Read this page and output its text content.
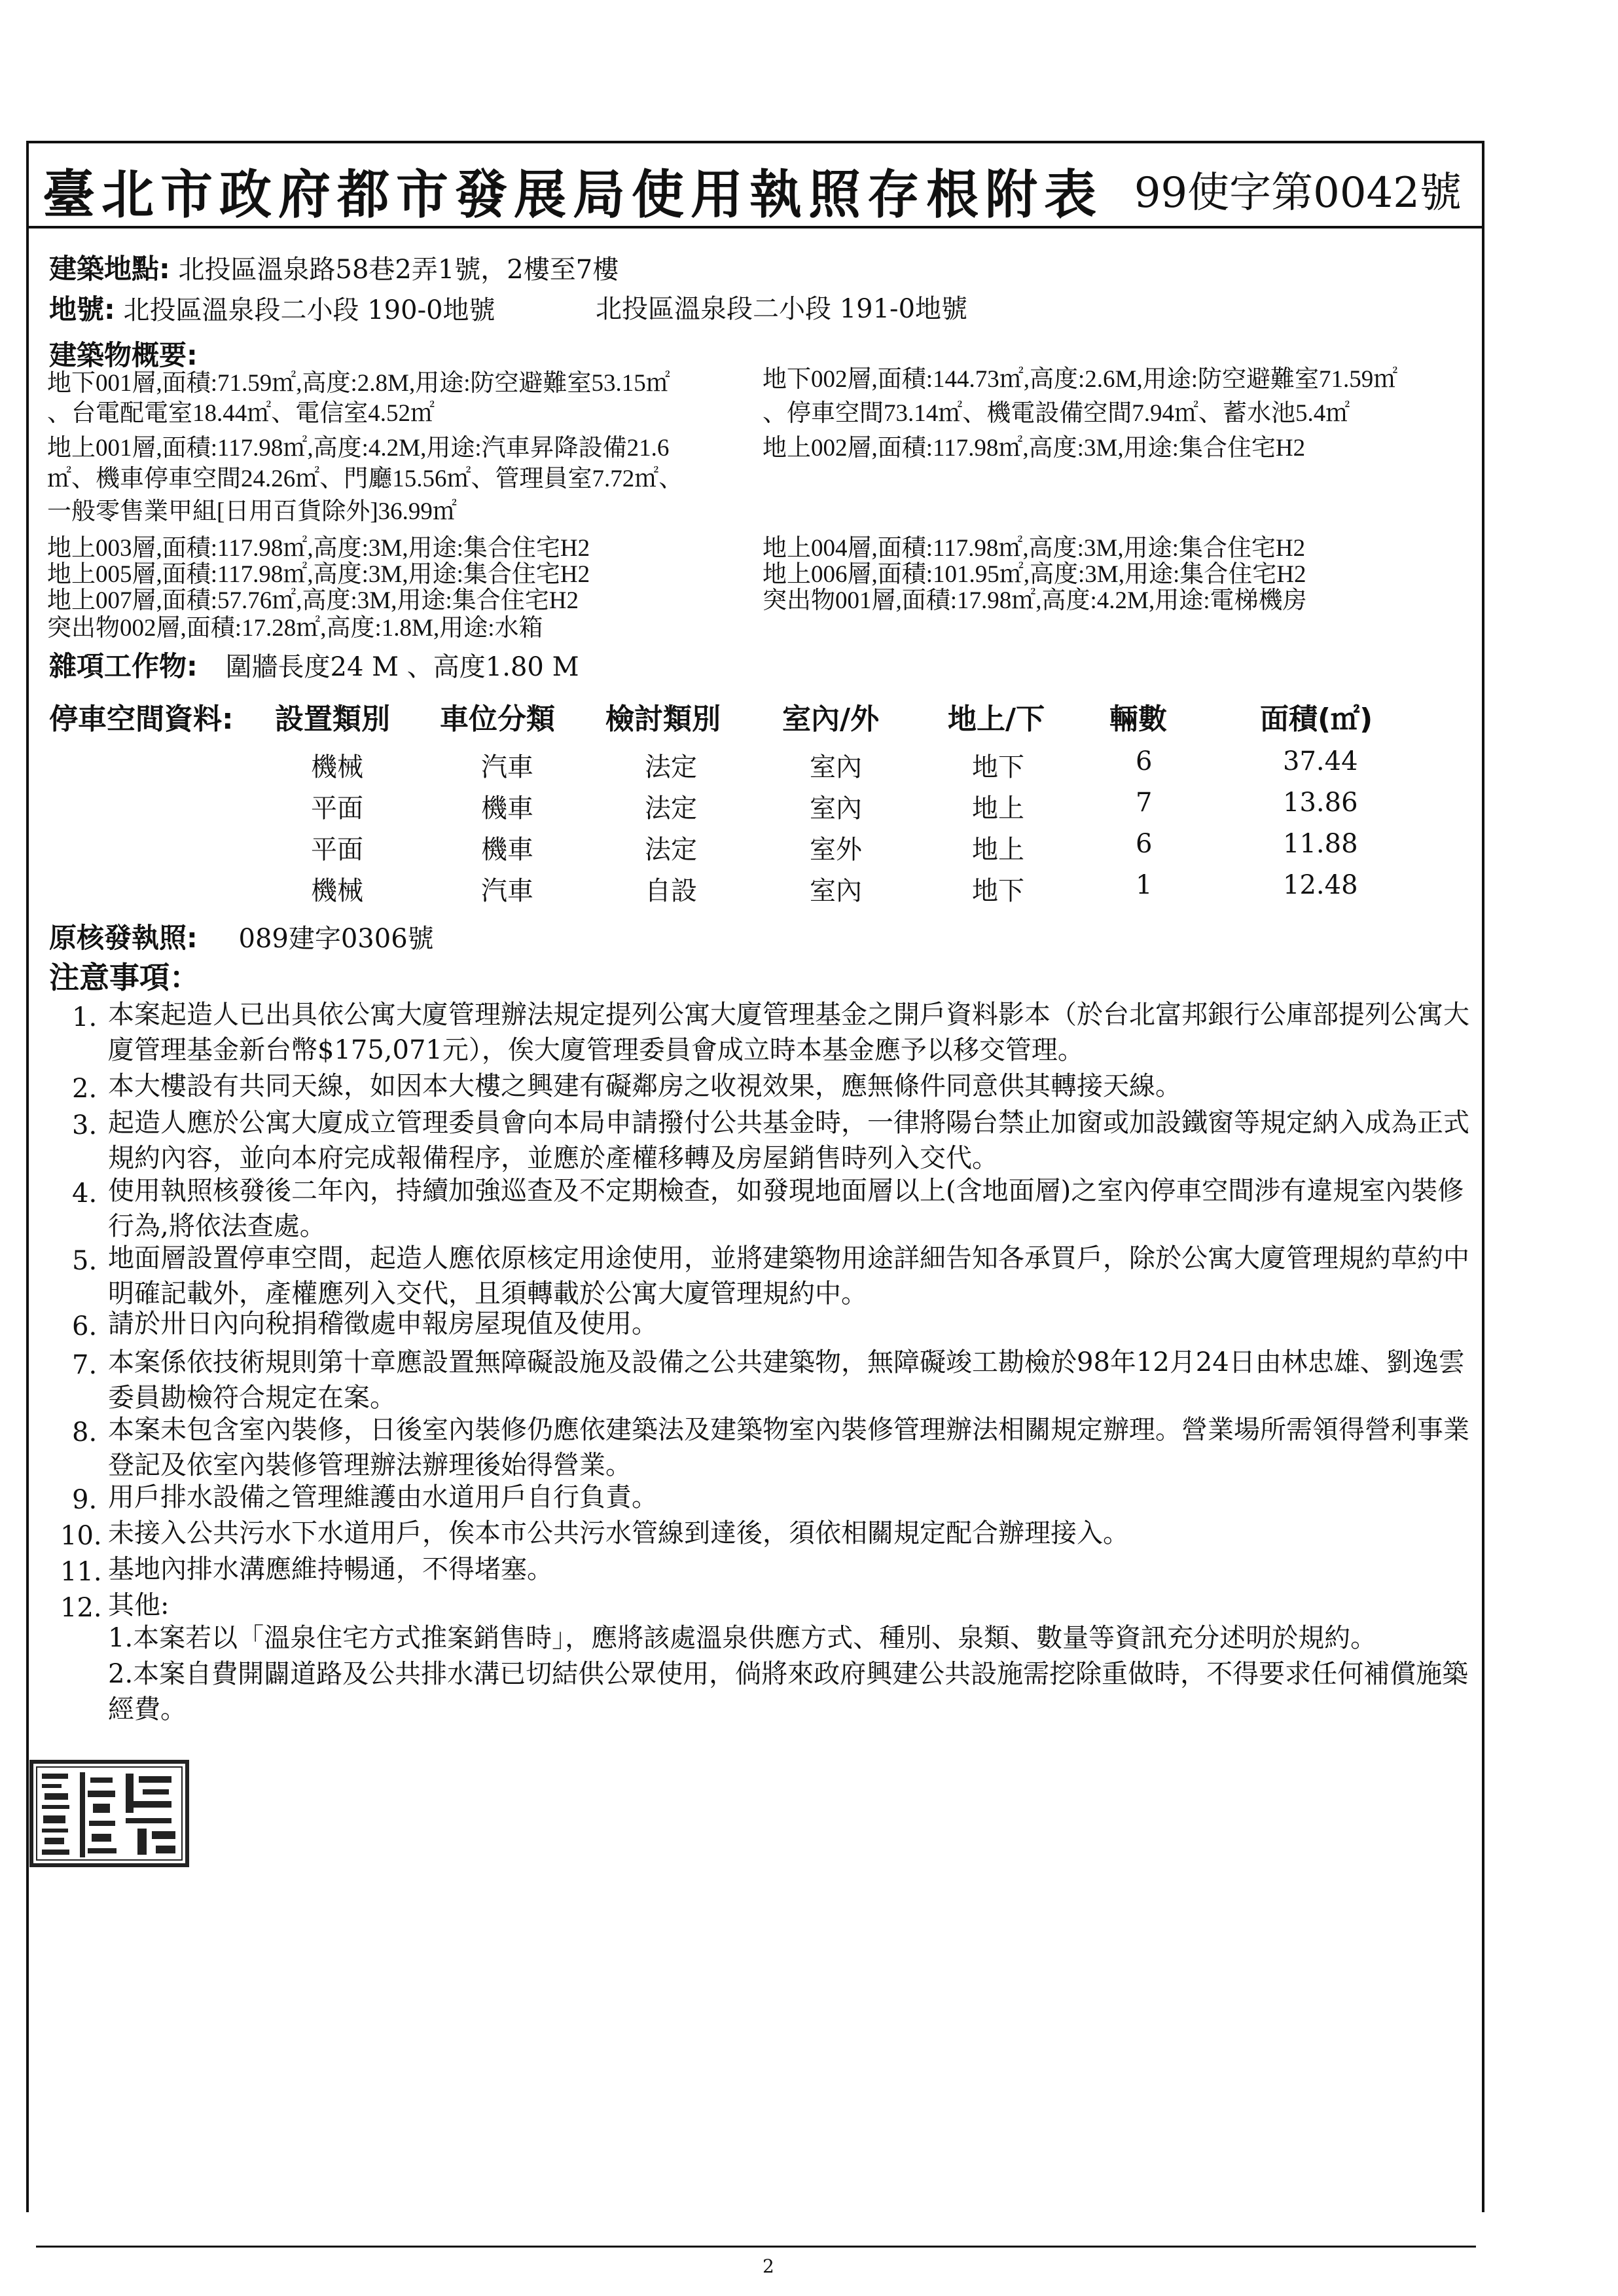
臺北市政府都市發展局使用執照存根附表 99使字第0042號
建築地點: 北投區溫泉路58巷2弄1號，2樓至7樓
地號: 北投區溫泉段二小段 190-0地號	北投區溫泉段二小段 191-0地號
建築物概要:
地下001層,面積:71.59㎡,高度:2.8M,用途:防空避難室53.15㎡
、台電配電室18.44㎡、電信室4.52㎡
地上001層,面積:117.98㎡,高度:4.2M,用途:汽車昇降設備21.6
㎡、機車停車空間24.26㎡、門廳15.56㎡、管理員室7.72㎡、
一般零售業甲組[日用百貨除外]36.99㎡
地上003層,面積:117.98㎡,高度:3M,用途:集合住宅H2
地上005層,面積:117.98㎡,高度:3M,用途:集合住宅H2
地上007層,面積:57.76㎡,高度:3M,用途:集合住宅H2
突出物002層,面積:17.28㎡,高度:1.8M,用途:水箱
地下002層,面積:144.73㎡,高度:2.6M,用途:防空避難室71.59㎡
、停車空間73.14㎡、機電設備空間7.94㎡、蓄水池5.4㎡
地上002層,面積:117.98㎡,高度:3M,用途:集合住宅H2
地上004層,面積:117.98㎡,高度:3M,用途:集合住宅H2
地上006層,面積:101.95㎡,高度:3M,用途:集合住宅H2
突出物001層,面積:17.98㎡,高度:4.2M,用途:電梯機房
雜項工作物: 圍牆長度24 M 、高度1.80 M
停車空間資料: 設置類別 車位分類 檢討類別 室內/外 地上/下 輛數	面積(㎡)
機械	汽車	法定	室內	地下	6	37.44
平面	機車	法定	室內	地上	7	13.86
平面	機車	法定	室外	地上	6	11.88
機械	汽車	自設	室內	地下	1	12.48
原核發執照: 089建字0306號
注意事項：
1. 本案起造人已出具依公寓大廈管理辦法規定提列公寓大廈管理基金之開戶資料影本（於台北富邦銀行公庫部提列公寓大廈管理基金新台幣$175,071元），俟大廈管理委員會成立時本基金應予以移交管理。
2. 本大樓設有共同天線，如因本大樓之興建有礙鄰房之收視效果，應無條件同意供其轉接天線。
3. 起造人應於公寓大廈成立管理委員會向本局申請撥付公共基金時，一律將陽台禁止加窗或加設鐵窗等規定納入成為正式規約內容，並向本府完成報備程序，並應於產權移轉及房屋銷售時列入交代。
4. 使用執照核發後二年內，持續加強巡查及不定期檢查，如發現地面層以上(含地面層)之室內停車空間涉有違規室內裝修行為,將依法查處。
5. 地面層設置停車空間，起造人應依原核定用途使用，並將建築物用途詳細告知各承買戶，除於公寓大廈管理規約草約中明確記載外，產權應列入交代，且須轉載於公寓大廈管理規約中。
6. 請於卅日內向稅捐稽徵處申報房屋現值及使用。
7. 本案係依技術規則第十章應設置無障礙設施及設備之公共建築物，無障礙竣工勘檢於98年12月24日由林忠雄、劉逸雲委員勘檢符合規定在案。
8. 本案未包含室內裝修，日後室內裝修仍應依建築法及建築物室內裝修管理辦法相關規定辦理。營業場所需領得營利事業登記及依室內裝修管理辦法辦理後始得營業。
9. 用戶排水設備之管理維護由水道用戶自行負責。
10. 未接入公共污水下水道用戶，俟本市公共污水管線到達後，須依相關規定配合辦理接入。
11. 基地內排水溝應維持暢通，不得堵塞。
12. 其他:
1.本案若以「溫泉住宅方式推案銷售時」，應將該處溫泉供應方式、種別、泉類、數量等資訊充分述明於規約。
2.本案自費開闢道路及公共排水溝已切結供公眾使用，倘將來政府興建公共設施需挖除重做時，不得要求任何補償施築經費。
2
